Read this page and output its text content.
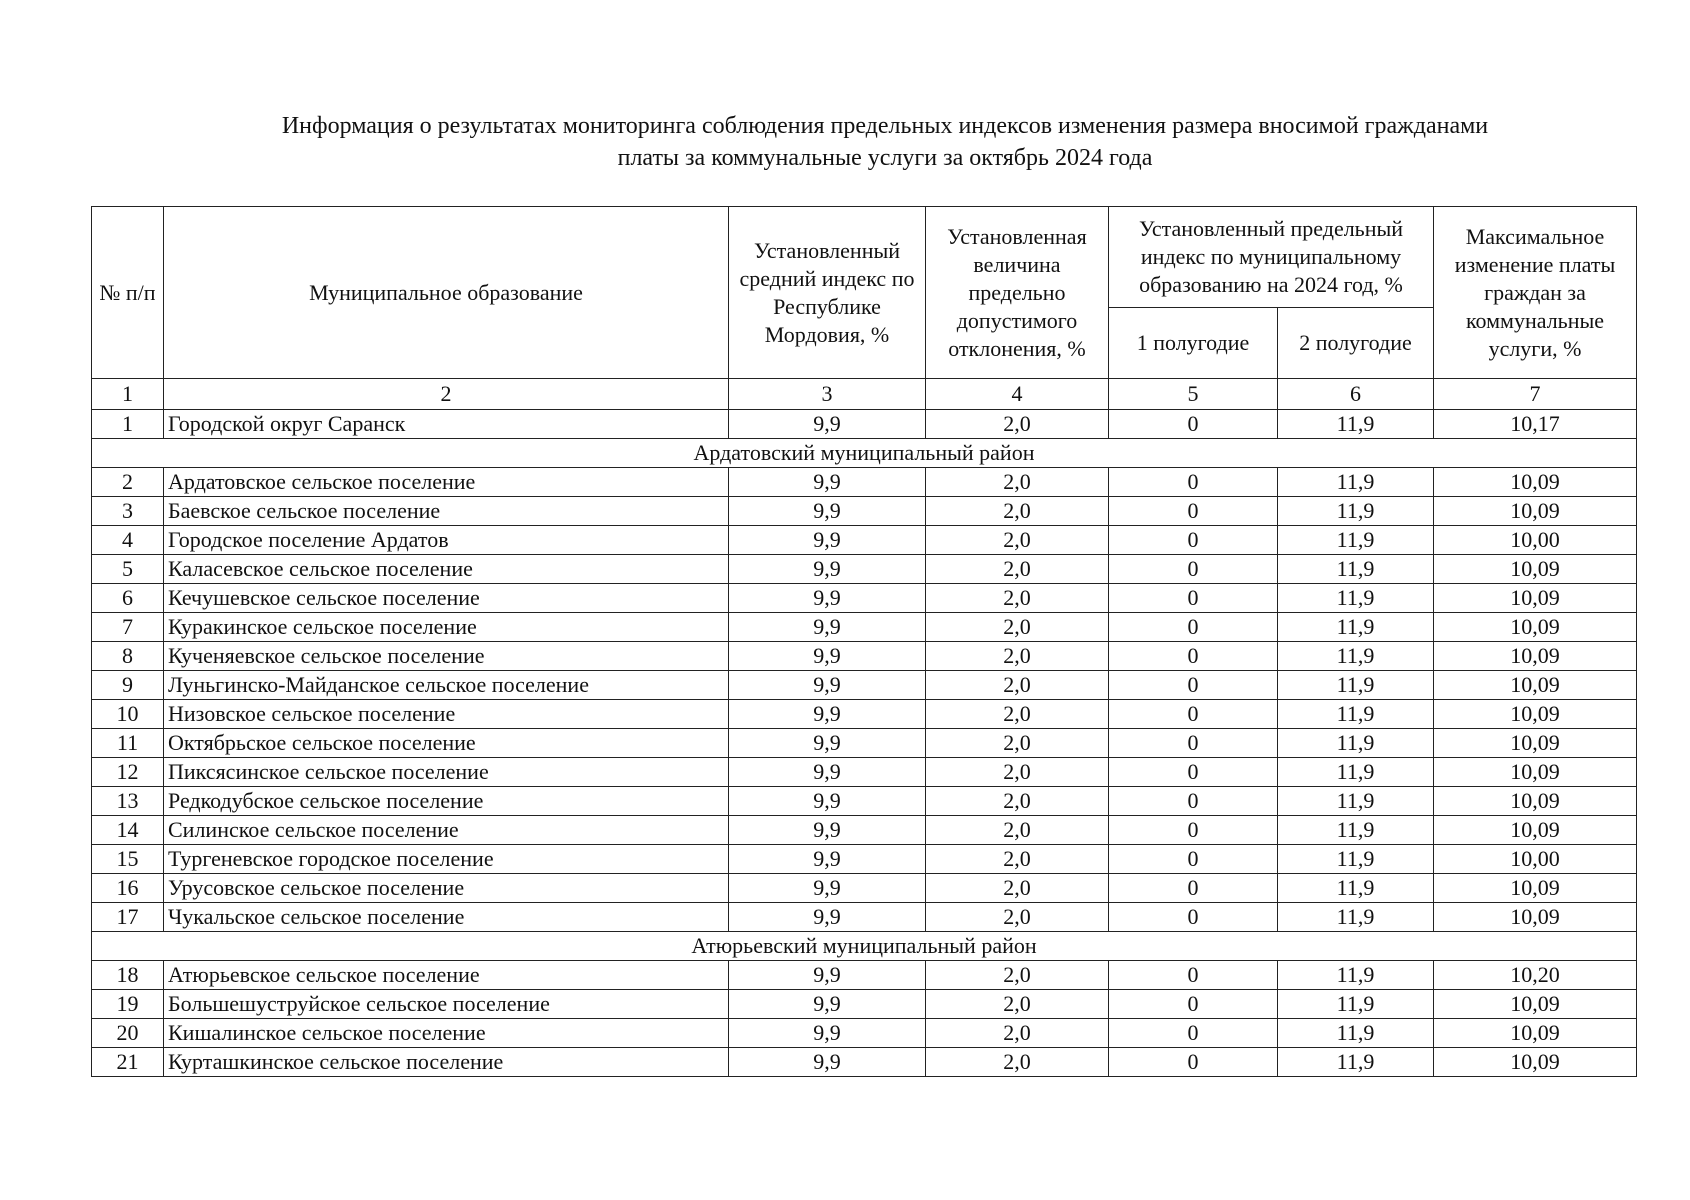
Информация о результатах мониторинга соблюдения предельных индексов изменения размера вносимой гражданами
платы за коммунальные услуги за октябрь 2024 года
№ п/п	Муниципальное образование	Установленный средний индекс по Республике Мордовия, %	Установленная величина предельно допустимого отклонения, %	Установленный предельный индекс по муниципальному образованию на 2024 год, %		Максимальное изменение платы граждан за коммунальные услуги, %
				1 полугодие	2 полугодие	
1	2	3	4	5	6	7
1	Городской округ Саранск	9,9	2,0	0	11,9	10,17
Ардатовский муниципальный район						
2	Ардатовское сельское поселение	9,9	2,0	0	11,9	10,09
3	Баевское сельское поселение	9,9	2,0	0	11,9	10,09
4	Городское поселение Ардатов	9,9	2,0	0	11,9	10,00
5	Каласевское сельское поселение	9,9	2,0	0	11,9	10,09
6	Кечушевское сельское поселение	9,9	2,0	0	11,9	10,09
7	Куракинское сельское поселение	9,9	2,0	0	11,9	10,09
8	Кученяевское сельское поселение	9,9	2,0	0	11,9	10,09
9	Луньгинско-Майданское сельское поселение	9,9	2,0	0	11,9	10,09
10	Низовское сельское поселение	9,9	2,0	0	11,9	10,09
11	Октябрьское сельское поселение	9,9	2,0	0	11,9	10,09
12	Пиксясинское сельское поселение	9,9	2,0	0	11,9	10,09
13	Редкодубское сельское поселение	9,9	2,0	0	11,9	10,09
14	Силинское сельское поселение	9,9	2,0	0	11,9	10,09
15	Тургеневское городское поселение	9,9	2,0	0	11,9	10,00
16	Урусовское сельское поселение	9,9	2,0	0	11,9	10,09
17	Чукальское сельское поселение	9,9	2,0	0	11,9	10,09
Атюрьевский муниципальный район						
18	Атюрьевское сельское поселение	9,9	2,0	0	11,9	10,20
19	Большешуструйское сельское поселение	9,9	2,0	0	11,9	10,09
20	Кишалинское сельское поселение	9,9	2,0	0	11,9	10,09
21	Курташкинское сельское поселение	9,9	2,0	0	11,9	10,09
